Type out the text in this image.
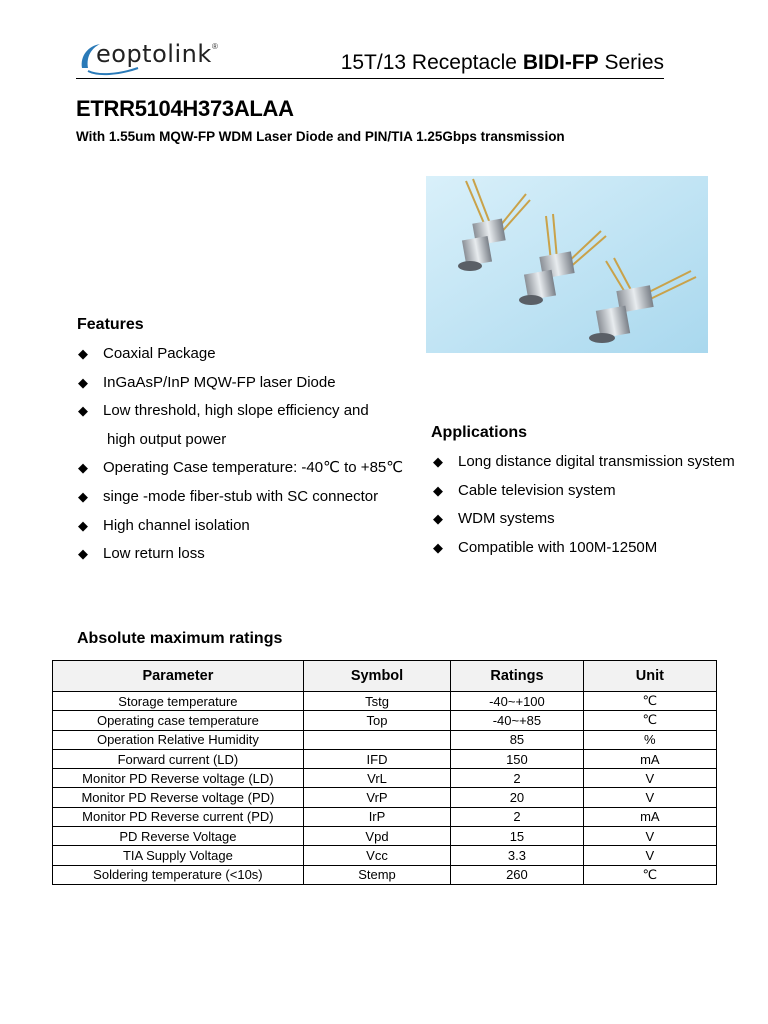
eoptolink ®
15T/13 Receptacle BIDI-FP Series
ETRR5104H373ALAA
With 1.55um MQW-FP WDM Laser Diode and PIN/TIA 1.25Gbps transmission
Features
◆ Coaxial Package
◆ InGaAsP/InP MQW-FP laser Diode
◆ Low threshold, high slope efficiency and
high output power
◆ Operating Case temperature: -40℃ to +85℃
◆ singe -mode fiber-stub with SC connector
◆ High channel isolation
◆ Low return loss
Applications
◆ Long distance digital transmission system
◆ Cable television system
◆ WDM systems
◆ Compatible with 100M-1250M
Absolute maximum ratings
Parameter	Symbol	Ratings	Unit
Storage temperature	Tstg	-40~+100	℃
Operating case temperature	Top	-40~+85	℃
Operation Relative Humidity		85	%
Forward current (LD)	IFD	150	mA
Monitor PD Reverse voltage (LD)	VrL	2	V
Monitor PD Reverse voltage (PD)	VrP	20	V
Monitor PD Reverse current (PD)	IrP	2	mA
PD Reverse Voltage	Vpd	15	V
TIA Supply Voltage	Vcc	3.3	V
Soldering temperature (<10s)	Stemp	260	℃
